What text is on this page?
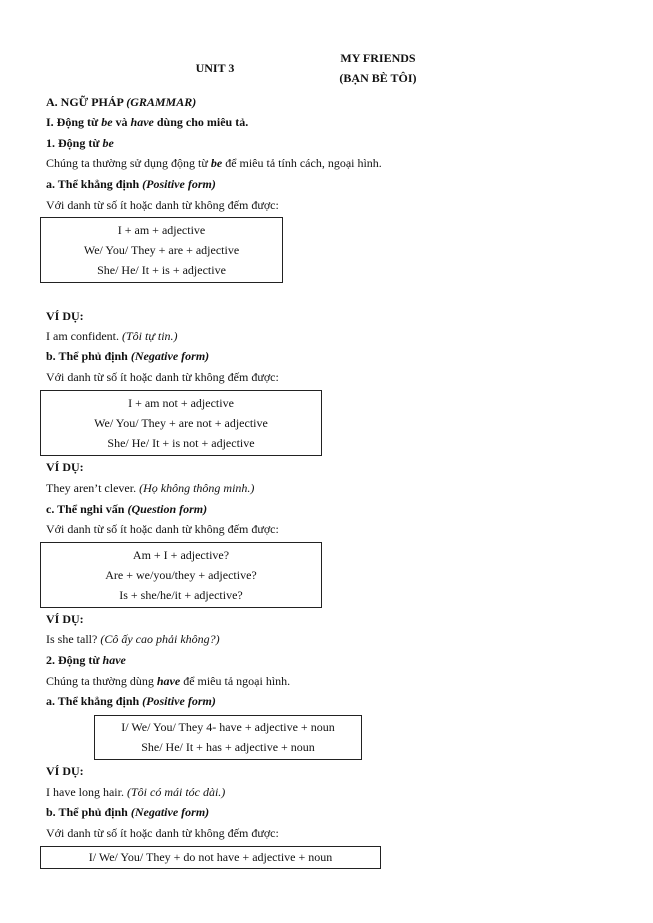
UNIT 3
MY FRIENDS
(BẠN BÈ TÔI)
A. NGỮ PHÁP (GRAMMAR)
I. Động từ be và have dùng cho miêu tả.
1. Động từ be
Chúng ta thường sử dụng động từ be để miêu tả tính cách, ngoại hình.
a. Thể khẳng định (Positive form)
Với danh từ số ít hoặc danh từ không đếm được:
I + am + adjective
We/ You/ They + are + adjective
She/ He/ It + is + adjective
VÍ DỤ:
I am confident. (Tôi tự tin.)
b. Thể phủ định (Negative form)
Với danh từ số ít hoặc danh từ không đếm được:
I + am not + adjective
We/ You/ They + are not + adjective
She/ He/ It + is not + adjective
VÍ DỤ:
They aren’t clever. (Họ không thông minh.)
c. Thể nghi vấn (Question form)
Với danh từ số ít hoặc danh từ không đếm được:
Am + I + adjective?
Are + we/you/they + adjective?
Is + she/he/it + adjective?
VÍ DỤ:
Is she tall? (Cô ấy cao phải không?)
2. Động từ have
Chúng ta thường dùng have để miêu tả ngoại hình.
a. Thể khẳng định (Positive form)
I/ We/ You/ They 4- have + adjective + noun
She/ He/ It + has + adjective + noun
VÍ DỤ:
I have long hair. (Tôi có mái tóc dài.)
b. Thể phủ định (Negative form)
Với danh từ số ít hoặc danh từ không đếm được:
I/ We/ You/ They + do not have + adjective + noun
